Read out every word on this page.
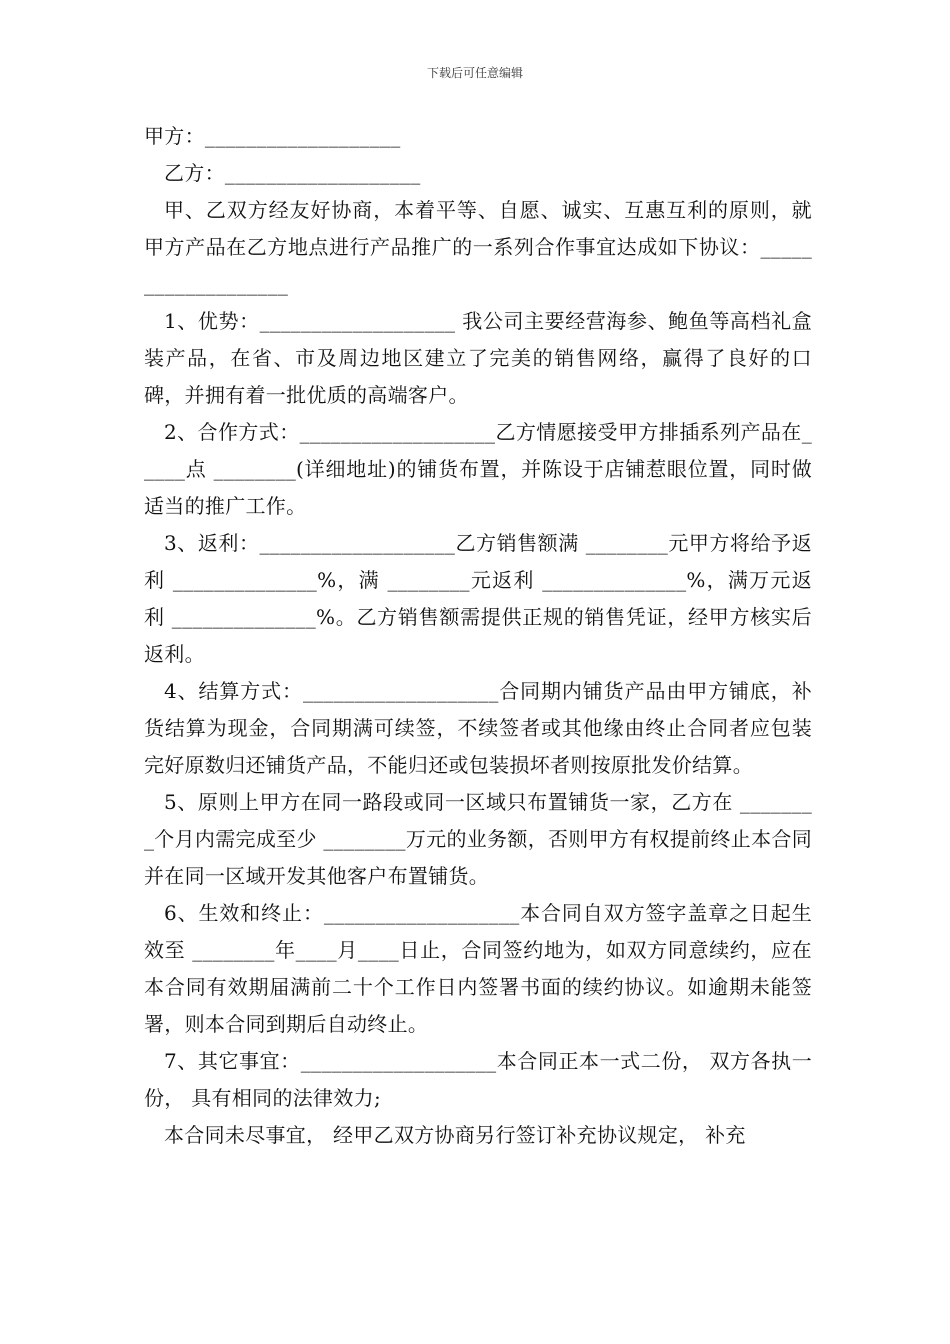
下载后可任意编辑

甲方：___________________

乙方：___________________

甲、乙双方经友好协商，本着平等、自愿、诚实、互惠互利的原则，就甲方产品在乙方地点进行产品推广的一系列合作事宜达成如下协议：___________________

1、优势：___________________ 我公司主要经营海参、鲍鱼等高档礼盒装产品，在省、市及周边地区建立了完美的销售网络，赢得了良好的口碑，并拥有着一批优质的高端客户。

2、合作方式：___________________乙方情愿接受甲方排插系列产品在_____点 ________(详细地址)的铺货布置，并陈设于店铺惹眼位置，同时做适当的推广工作。

3、返利：___________________乙方销售额满 ________元甲方将给予返利 ______________%，满 ________元返利 ______________%，满万元返利 ______________%。乙方销售额需提供正规的销售凭证，经甲方核实后返利。

4、结算方式：___________________合同期内铺货产品由甲方铺底，补货结算为现金，合同期满可续签，不续签者或其他缘由终止合同者应包装完好原数归还铺货产品，不能归还或包装损坏者则按原批发价结算。

5、原则上甲方在同一路段或同一区域只布置铺货一家，乙方在 ________个月内需完成至少 ________万元的业务额，否则甲方有权提前终止本合同并在同一区域开发其他客户布置铺货。

6、生效和终止：___________________本合同自双方签字盖章之日起生效至 ________年____月____日止，合同签约地为，如双方同意续约，应在本合同有效期届满前二十个工作日内签署书面的续约协议。如逾期未能签署，则本合同到期后自动终止。

7、其它事宜：___________________本合同正本一式二份， 双方各执一份， 具有相同的法律效力;

本合同未尽事宜， 经甲乙双方协商另行签订补充协议规定， 补充
